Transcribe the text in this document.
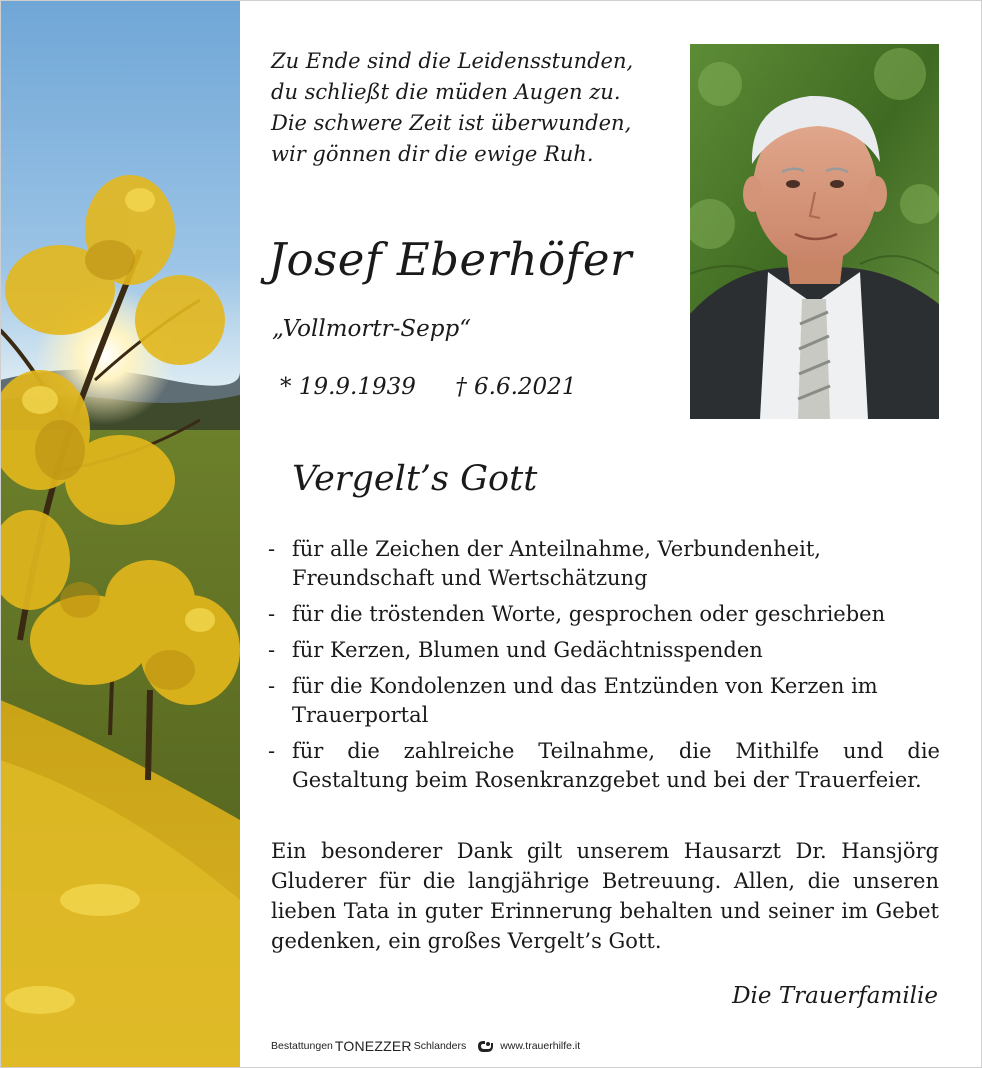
Zu Ende sind die Leidensstunden,
du schließt die müden Augen zu.
Die schwere Zeit ist überwunden,
wir gönnen dir die ewige Ruh.
Josef Eberhöfer
„Vollmortr-Sepp“
* 19.9.1939 † 6.6.2021
Vergelt’s Gott
- für alle Zeichen der Anteilnahme, Verbundenheit, Freundschaft und Wertschätzung
- für die tröstenden Worte, gesprochen oder geschrieben
- für Kerzen, Blumen und Gedächtnisspenden
- für die Kondolenzen und das Entzünden von Kerzen im Trauerportal
- für die zahlreiche Teilnahme, die Mithilfe und die Gestaltung beim Rosenkranzgebet und bei der Trauerfeier.
Ein besonderer Dank gilt unserem Hausarzt Dr. Hansjörg Gluderer für die langjährige Betreuung. Allen, die unseren lieben Tata in guter Erinnerung behalten und seiner im Gebet gedenken, ein großes Vergelt’s Gott.
Die Trauerfamilie
Bestattungen TONEZZER Schlanders	www.trauerhilfe.it
